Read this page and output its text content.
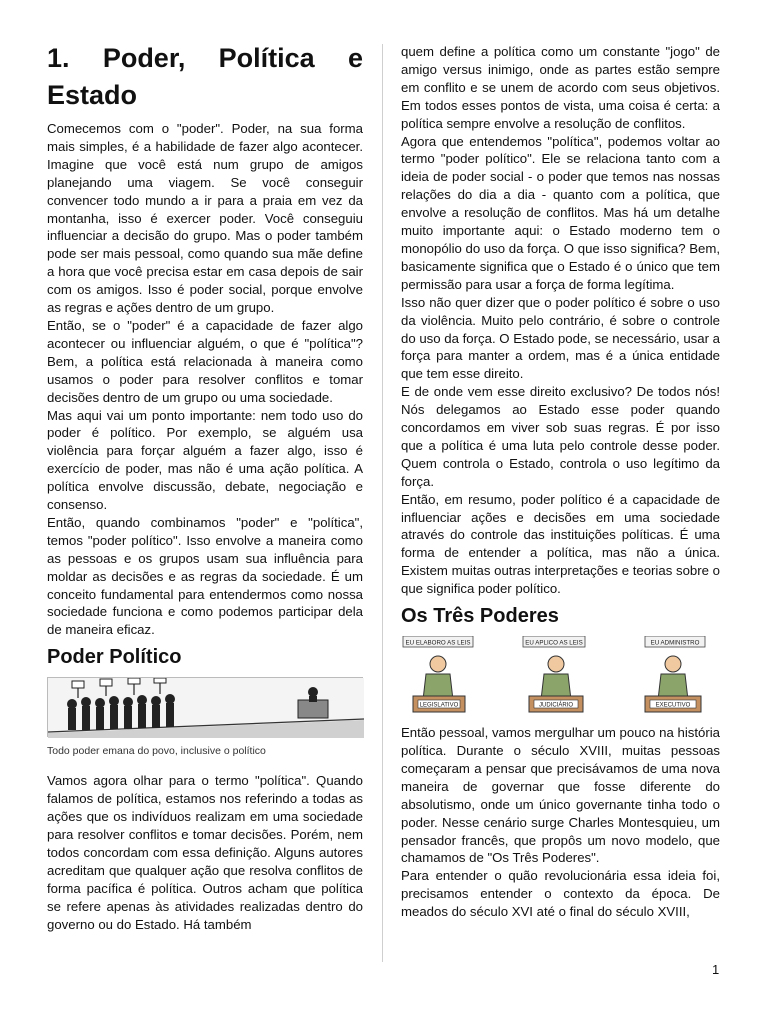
1. Poder, Política e
Estado

Comecemos com o "poder". Poder, na sua forma mais simples, é a habilidade de fazer algo acontecer. Imagine que você está num grupo de amigos planejando uma viagem. Se você conseguir convencer todo mundo a ir para a praia em vez da montanha, isso é exercer poder. Você conseguiu influenciar a decisão do grupo. Mas o poder também pode ser mais pessoal, como quando sua mãe define a hora que você precisa estar em casa depois de sair com os amigos. Isso é poder social, porque envolve as regras e ações dentro de um grupo.

Então, se o "poder" é a capacidade de fazer algo acontecer ou influenciar alguém, o que é "política"? Bem, a política está relacionada à maneira como usamos o poder para resolver conflitos e tomar decisões dentro de um grupo ou uma sociedade.

Mas aqui vai um ponto importante: nem todo uso do poder é político. Por exemplo, se alguém usa violência para forçar alguém a fazer algo, isso é exercício de poder, mas não é uma ação política. A política envolve discussão, debate, negociação e consenso.

Então, quando combinamos "poder" e "política", temos "poder político". Isso envolve a maneira como as pessoas e os grupos usam sua influência para moldar as decisões e as regras da sociedade. É um conceito fundamental para entendermos como nossa sociedade funciona e como podemos participar dela de maneira eficaz.

Poder Político

Todo poder emana do povo, inclusive o político

Vamos agora olhar para o termo "política". Quando falamos de política, estamos nos referindo a todas as ações que os indivíduos realizam em uma sociedade para resolver conflitos e tomar decisões. Porém, nem todos concordam com essa definição. Alguns autores acreditam que qualquer ação que resolva conflitos de forma pacífica é política. Outros acham que política se refere apenas às atividades realizadas dentro do governo ou do Estado. Há também

quem define a política como um constante "jogo" de amigo versus inimigo, onde as partes estão sempre em conflito e se unem de acordo com seus objetivos. Em todos esses pontos de vista, uma coisa é certa: a política sempre envolve a resolução de conflitos.

Agora que entendemos "política", podemos voltar ao termo "poder político". Ele se relaciona tanto com a ideia de poder social - o poder que temos nas nossas relações do dia a dia - quanto com a política, que envolve a resolução de conflitos. Mas há um detalhe muito importante aqui: o Estado moderno tem o monopólio do uso da força. O que isso significa? Bem, basicamente significa que o Estado é o único que tem permissão para usar a força de forma legítima.

Isso não quer dizer que o poder político é sobre o uso da violência. Muito pelo contrário, é sobre o controle do uso da força. O Estado pode, se necessário, usar a força para manter a ordem, mas é a única entidade que tem esse direito.

E de onde vem esse direito exclusivo? De todos nós! Nós delegamos ao Estado esse poder quando concordamos em viver sob suas regras. É por isso que a política é uma luta pelo controle desse poder. Quem controla o Estado, controla o uso legítimo da força.

Então, em resumo, poder político é a capacidade de influenciar ações e decisões em uma sociedade através do controle das instituições políticas. É uma forma de entender a política, mas não a única. Existem muitas outras interpretações e teorias sobre o que significa poder político.

Os Três Poderes
EU ELABORO AS LEIS
LEGISLATIVO
EU APLICO AS LEIS
JUDICIÁRIO
EU ADMINISTRO
EXECUTIVO

Então pessoal, vamos mergulhar um pouco na história política. Durante o século XVIII, muitas pessoas começaram a pensar que precisávamos de uma nova maneira de governar que fosse diferente do absolutismo, onde um único governante tinha todo o poder. Nesse cenário surge Charles Montesquieu, um pensador francês, que propôs um novo modelo, que chamamos de "Os Três Poderes".

Para entender o quão revolucionária essa ideia foi, precisamos entender o contexto da época. De meados do século XVI até o final do século XVIII,

1
